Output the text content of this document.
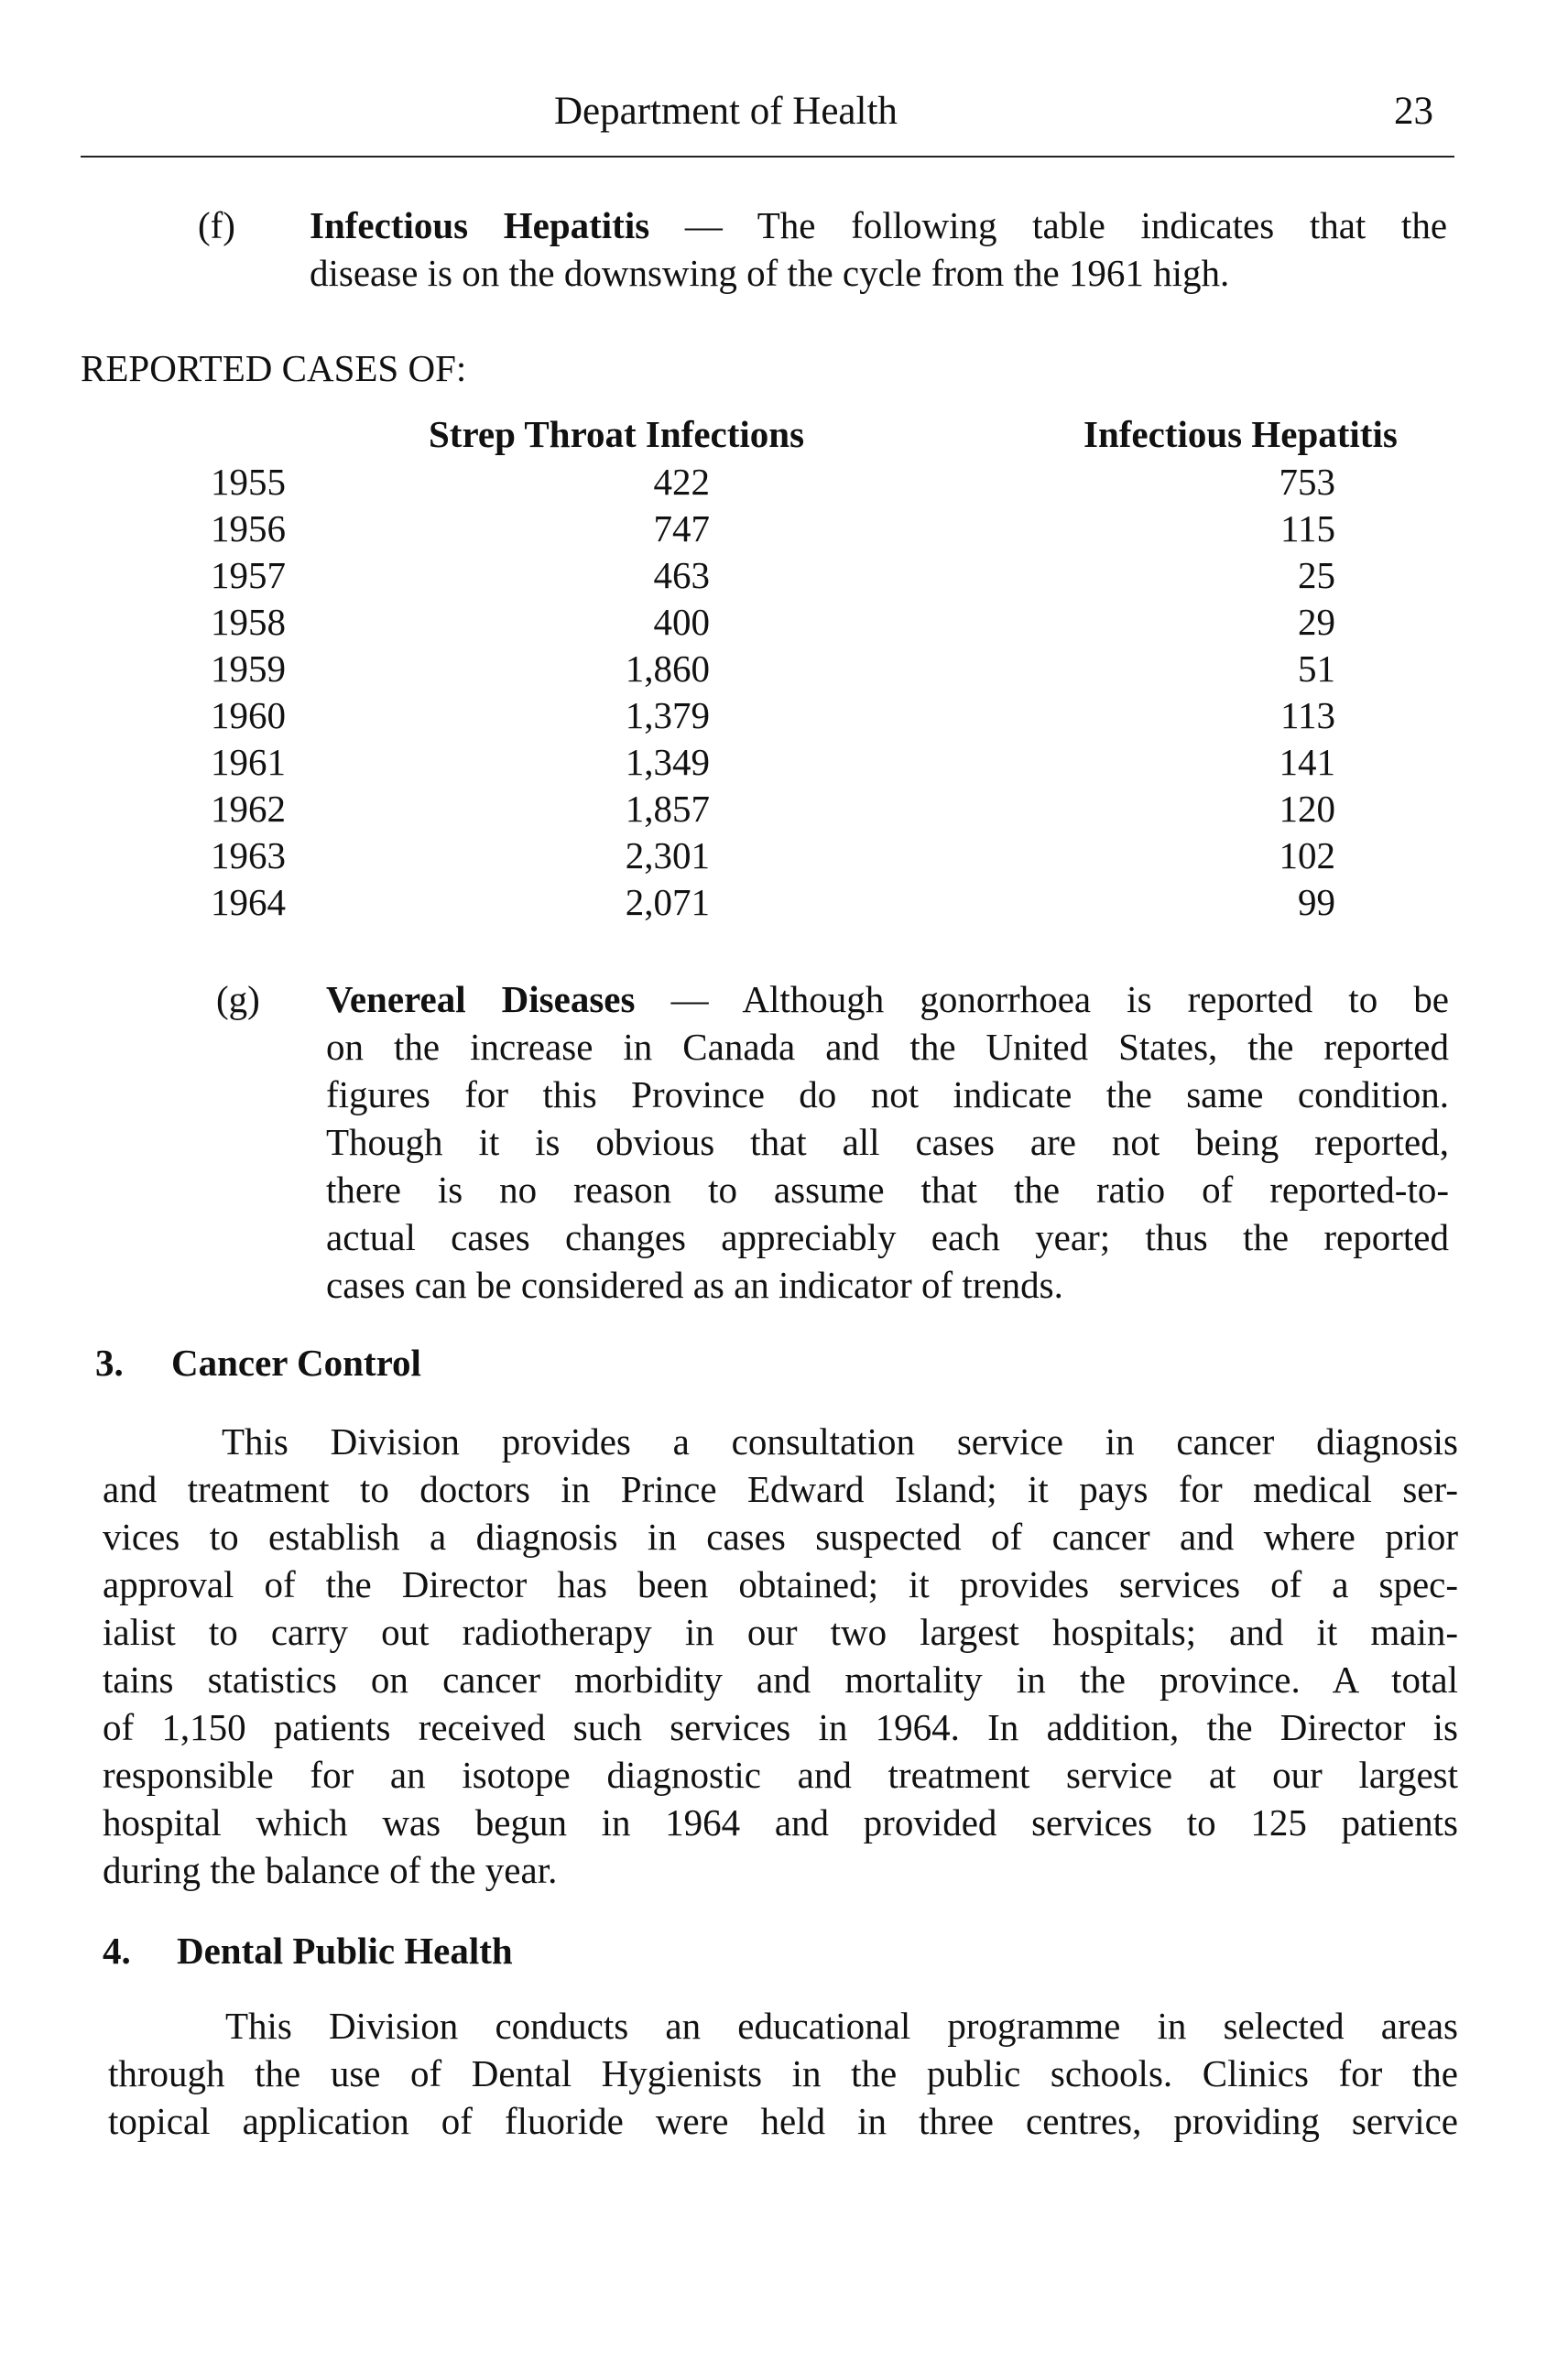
Department of Health	23
(f) Infectious Hepatitis — The following table indicates that the
disease is on the downswing of the cycle from the 1961 high.
REPORTED CASES OF:
Strep Throat Infections	Infectious Hepatitis
1955	422	753
1956	747	115
1957	463	25
1958	400	29
1959	1,860	51
1960	1,379	113
1961	1,349	141
1962	1,857	120
1963	2,301	102
1964	2,071	99
(g) Venereal Diseases — Although gonorrhoea is reported to be
on the increase in Canada and the United States, the reported
figures for this Province do not indicate the same condition.
Though it is obvious that all cases are not being reported,
there is no reason to assume that the ratio of reported-to-
actual cases changes appreciably each year; thus the reported
cases can be considered as an indicator of trends.
3. Cancer Control
This Division provides a consultation service in cancer diagnosis
and treatment to doctors in Prince Edward Island; it pays for medical ser-
vices to establish a diagnosis in cases suspected of cancer and where prior
approval of the Director has been obtained; it provides services of a spec-
ialist to carry out radiotherapy in our two largest hospitals; and it main-
tains statistics on cancer morbidity and mortality in the province. A total
of 1,150 patients received such services in 1964. In addition, the Director is
responsible for an isotope diagnostic and treatment service at our largest
hospital which was begun in 1964 and provided services to 125 patients
during the balance of the year.
4. Dental Public Health
This Division conducts an educational programme in selected areas
through the use of Dental Hygienists in the public schools. Clinics for the
topical application of fluoride were held in three centres, providing service
